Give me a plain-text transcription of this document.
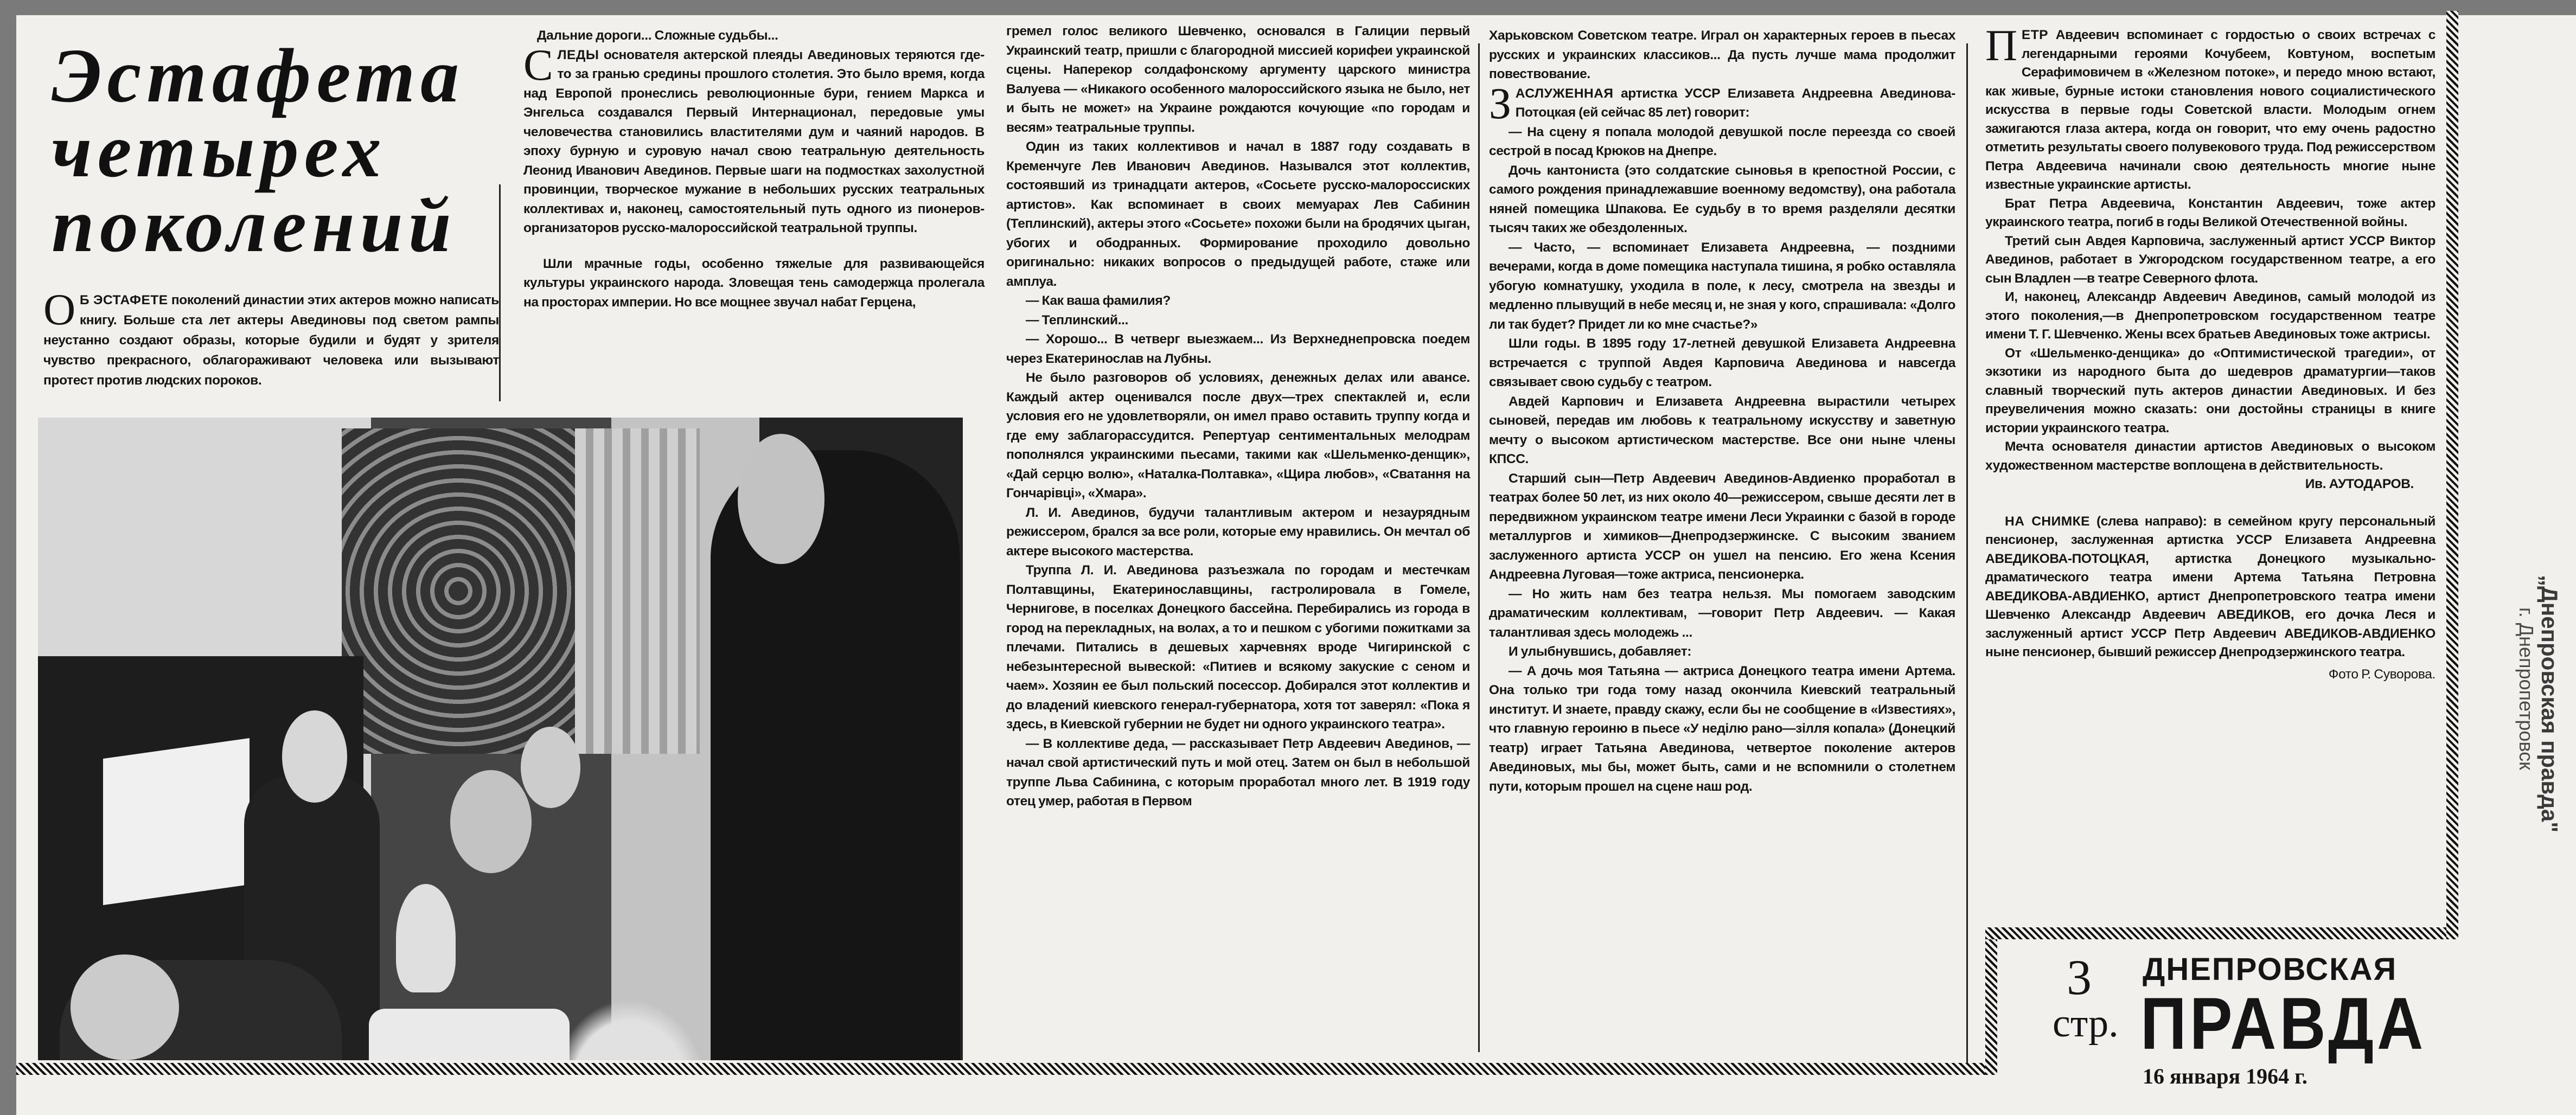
Эстафета
четырех
поколений

О Б ЭСТАФЕТЕ поколений династии этих актеров можно написать книгу. Больше ста лет актеры Авединовы под светом рампы неустанно создают образы, которые будили и будят у зрителя чувство прекрасного, облагораживают человека или вызывают протест против людских пороков.

Дальние дороги... Сложные судьбы...

СЛЕДЫ основателя актерской плеяды Авединовых теряются где-то за гранью средины прошлого столетия. Это было время, когда над Европой пронеслись революционные бури, гением Маркса и Энгельса создавался Первый Интернационал, передовые умы человечества становились властителями дум и чаяний народов. В эпоху бурную и суровую начал свою театральную деятельность Леонид Иванович Авединов. Первые шаги на подмостках захолустной провинции, творческое мужание в небольших русских театральных коллективах и, наконец, самостоятельный путь одного из пионеров-организаторов русско-малороссийской театральной труппы.

Шли мрачные годы, особенно тяжелые для развивающейся культуры украинского народа. Зловещая тень самодержца пролегала на просторах империи. Но все мощнее звучал набат Герцена,

гремел голос великого Шевченко, основался в Галиции первый Украинский театр, пришли с благородной миссией корифеи украинской сцены. Наперекор солдафонскому аргументу царского министра Валуева — «Никакого особенного малороссийского языка не было, нет и быть не может» на Украине рождаются кочующие «по городам и весям» театральные труппы.

Один из таких коллективов и начал в 1887 году создавать в Кременчуге Лев Иванович Авединов. Назывался этот коллектив, состоявший из тринадцати актеров, «Сосьете русско-малороссиских артистов». Как вспоминает в своих мемуарах Лев Сабинин (Теплинский), актеры этого «Сосьете» похожи были на бродячих цыган, убогих и ободранных. Формирование проходило довольно оригинально: никаких вопросов о предыдущей работе, стаже или амплуа.

— Как ваша фамилия?

— Теплинский...

— Хорошо... В четверг выезжаем... Из Верхнеднепровска поедем через Екатеринослав на Лубны.

Не было разговоров об условиях, денежных делах или авансе. Каждый актер оценивался после двух—трех спектаклей и, если условия его не удовлетворяли, он имел право оставить труппу когда и где ему заблагорассудится. Репертуар сентиментальных мелодрам пополнялся украинскими пьесами, такими как «Шельменко-денщик», «Дай серцю волю», «Наталка-Полтавка», «Щира любов», «Сватання на Гончарівці», «Хмара».

Л. И. Авединов, будучи талантливым актером и незаурядным режиссером, брался за все роли, которые ему нравились. Он мечтал об актере высокого мастерства.

Труппа Л. И. Авединова разъезжала по городам и местечкам Полтавщины, Екатеринославщины, гастролировала в Гомеле, Чернигове, в поселках Донецкого бассейна. Перебирались из города в город на перекладных, на волах, а то и пешком с убогими пожитками за плечами. Питались в дешевых харчевнях вроде Чигиринской с небезынтересной вывеской: «Питиев и всякому закуские с сеном и чаем». Хозяин ее был польский посессор. Добирался этот коллектив и до владений киевского генерал-губернатора, хотя тот заверял: «Пока я здесь, в Киевской губернии не будет ни одного украинского театра».

— В коллективе деда, — рассказывает Петр Авдеевич Авединов, — начал свой артистический путь и мой отец. Затем он был в небольшой труппе Льва Сабинина, с которым проработал много лет. В 1919 году отец умер, работая в Первом

Харьковском Советском театре. Играл он характерных героев в пьесах русских и украинских классиков... Да пусть лучше мама продолжит повествование.

ЗАСЛУЖЕННАЯ артистка УССР Елизавета Андреевна Авединова-Потоцкая (ей сейчас 85 лет) говорит:

— На сцену я попала молодой девушкой после переезда со своей сестрой в посад Крюков на Днепре.

Дочь кантониста (это солдатские сыновья в крепостной России, с самого рождения принадлежавшие военному ведомству), она работала няней помещика Шпакова. Ее судьбу в то время разделяли десятки тысяч таких же обездоленных.

— Часто, — вспоминает Елизавета Андреевна, — поздними вечерами, когда в доме помещика наступала тишина, я робко оставляла убогую комнатушку, уходила в поле, к лесу, смотрела на звезды и медленно плывущий в небе месяц и, не зная у кого, спрашивала: «Долго ли так будет? Придет ли ко мне счастье?»

Шли годы. В 1895 году 17-летней девушкой Елизавета Андреевна встречается с труппой Авдея Карповича Авединова и навсегда связывает свою судьбу с театром.

Авдей Карпович и Елизавета Андреевна вырастили четырех сыновей, передав им любовь к театральному искусству и заветную мечту о высоком артистическом мастерстве. Все они ныне члены КПСС.

Старший сын—Петр Авдеевич Авединов-Авдиенко проработал в театрах более 50 лет, из них около 40—режиссером, свыше десяти лет в передвижном украинском театре имени Леси Украинки с базой в городе металлургов и химиков—Днепродзержинске. С высоким званием заслуженного артиста УССР он ушел на пенсию. Его жена Ксения Андреевна Луговая—тоже актриса, пенсионерка.

— Но жить нам без театра нельзя. Мы помогаем заводским драматическим коллективам, —говорит Петр Авдеевич. — Какая талантливая здесь молодежь ...

И улыбнувшись, добавляет:

— А дочь моя Татьяна — актриса Донецкого театра имени Артема. Она только три года тому назад окончила Киевский театральный институт. И знаете, правду скажу, если бы не сообщение в «Известиях», что главную героиню в пьесе «У неділю рано—зілля копала» (Донецкий театр) играет Татьяна Авединова, четвертое поколение актеров Авединовых, мы бы, может быть, сами и не вспомнили о столетнем пути, которым прошел на сцене наш род.

ПЕТР Авдеевич вспоминает с гордостью о своих встречах с легендарными героями Кочубеем, Ковтуном, воспетым Серафимовичем в «Железном потоке», и передо мною встают, как живые, бурные истоки становления нового социалистического искусства в первые годы Советской власти. Молодым огнем зажигаются глаза актера, когда он говорит, что ему очень радостно отметить результаты своего полувекового труда. Под режиссерством Петра Авдеевича начинали свою деятельность многие ныне известные украинские артисты.

Брат Петра Авдеевича, Константин Авдеевич, тоже актер украинского театра, погиб в годы Великой Отечественной войны.

Третий сын Авдея Карповича, заслуженный артист УССР Виктор Авединов, работает в Ужгородском государственном театре, а его сын Владлен —в театре Северного флота.

И, наконец, Александр Авдеевич Авединов, самый молодой из этого поколения,—в Днепропетровском государственном театре имени Т. Г. Шевченко. Жены всех братьев Авединовых тоже актрисы.

От «Шельменко-денщика» до «Оптимистической трагедии», от экзотики из народного быта до шедевров драматургии—таков славный творческий путь актеров династии Авединовых. И без преувеличения можно сказать: они достойны страницы в книге истории украинского театра.

Мечта основателя династии артистов Авединовых о высоком художественном мастерстве воплощена в действительность.

Ив. АУТОДАРОВ.

НА СНИМКЕ (слева направо): в семейном кругу персональный пенсионер, заслуженная артистка УССР Елизавета Андреевна АВЕДИКОВА-ПОТОЦКАЯ, артистка Донецкого музыкально-драматического театра имени Артема Татьяна Петровна АВЕДИКОВА-АВДИЕНКО, артист Днепропетровского театра имени Шевченко Александр Авдеевич АВЕДИКОВ, его дочка Леся и заслуженный артист УССР Петр Авдеевич АВЕДИКОВ-АВДИЕНКО ныне пенсионер, бывший режиссер Днепродзержинского театра.

Фото Р. Суворова.

3
стр.
ДНЕПРОВСКАЯ
ПРАВДА
16 января 1964 г.
„Днепровская правда"
г. Днепропетровск
